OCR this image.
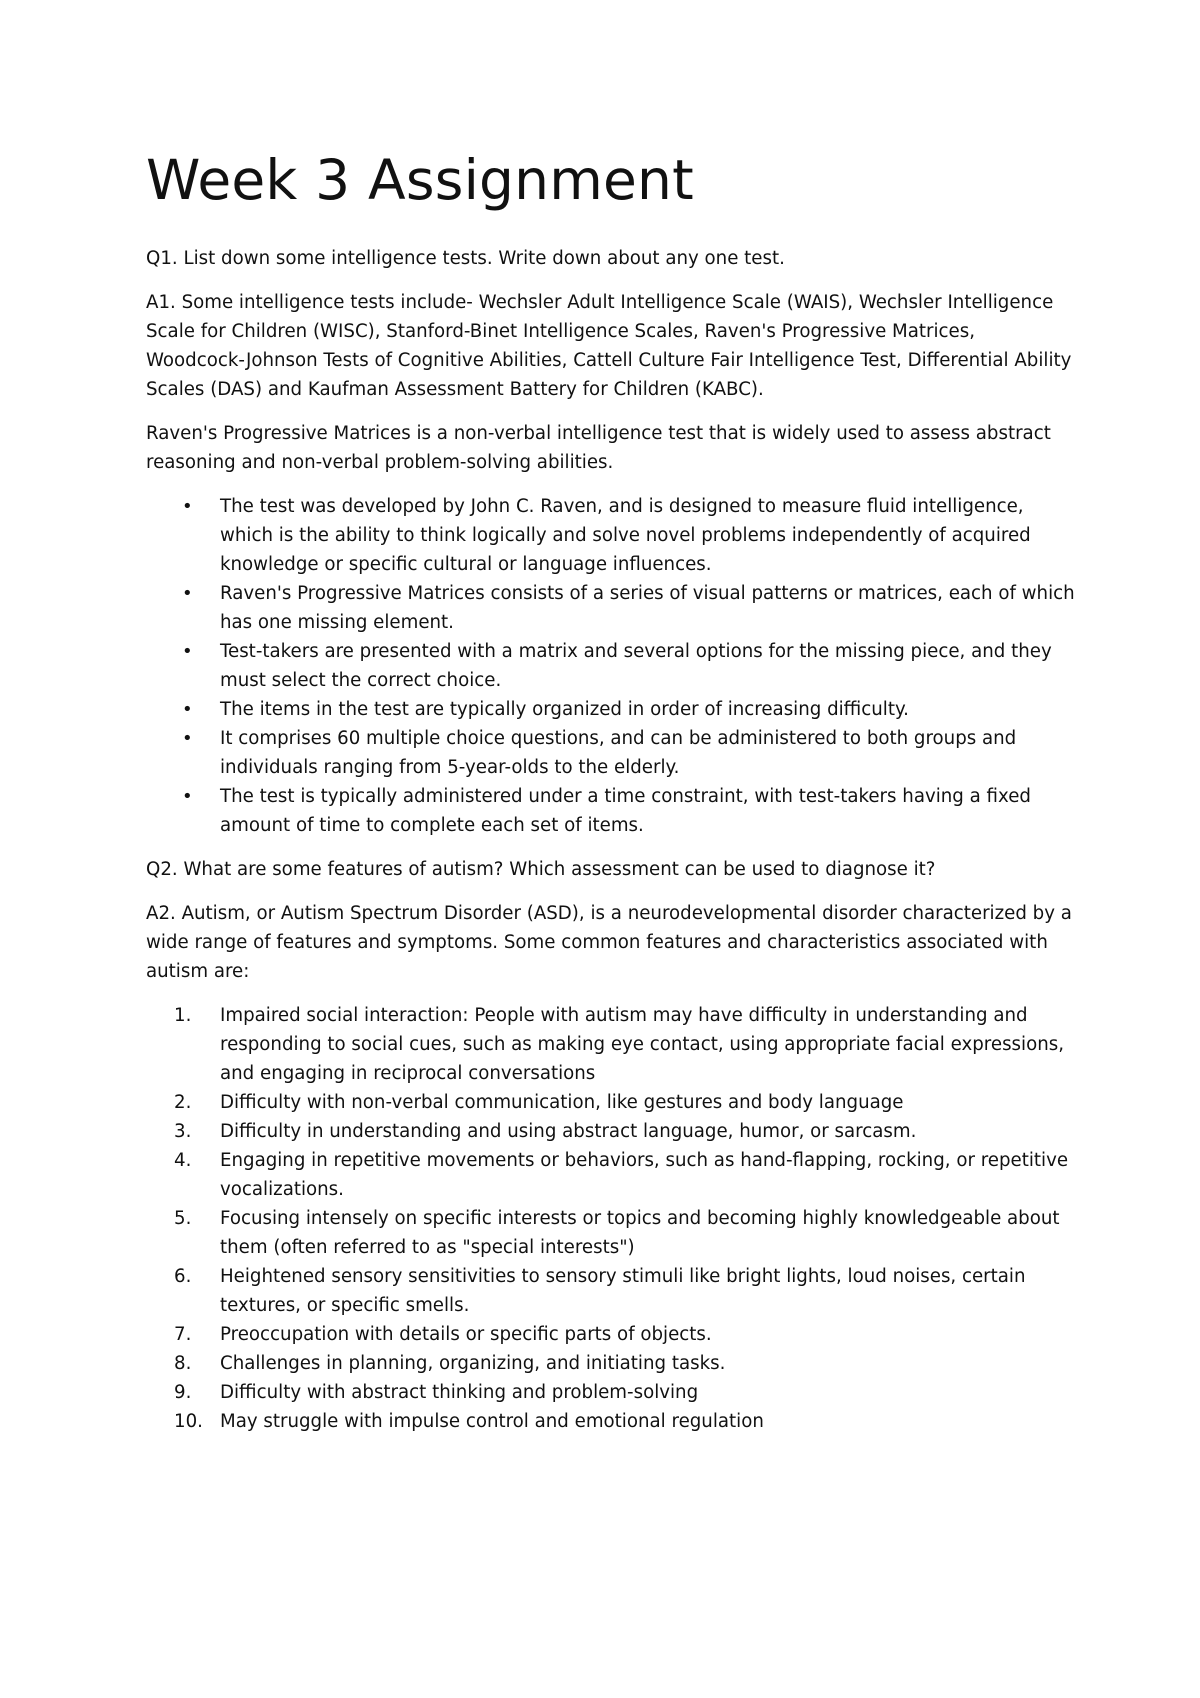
Week 3 Assignment

Q1. List down some intelligence tests. Write down about any one test.

A1. Some intelligence tests include- Wechsler Adult Intelligence Scale (WAIS), Wechsler Intelligence Scale for Children (WISC), Stanford-Binet Intelligence Scales, Raven's Progressive Matrices, Woodcock-Johnson Tests of Cognitive Abilities, Cattell Culture Fair Intelligence Test, Differential Ability Scales (DAS) and Kaufman Assessment Battery for Children (KABC).

Raven's Progressive Matrices is a non-verbal intelligence test that is widely used to assess abstract reasoning and non-verbal problem-solving abilities.

• The test was developed by John C. Raven, and is designed to measure fluid intelligence, which is the ability to think logically and solve novel problems independently of acquired knowledge or specific cultural or language influences.
• Raven's Progressive Matrices consists of a series of visual patterns or matrices, each of which has one missing element.
• Test-takers are presented with a matrix and several options for the missing piece, and they must select the correct choice.
• The items in the test are typically organized in order of increasing difficulty.
• It comprises 60 multiple choice questions, and can be administered to both groups and individuals ranging from 5-year-olds to the elderly.
• The test is typically administered under a time constraint, with test-takers having a fixed amount of time to complete each set of items.

Q2. What are some features of autism? Which assessment can be used to diagnose it?

A2. Autism, or Autism Spectrum Disorder (ASD), is a neurodevelopmental disorder characterized by a wide range of features and symptoms. Some common features and characteristics associated with autism are:

1. Impaired social interaction: People with autism may have difficulty in understanding and responding to social cues, such as making eye contact, using appropriate facial expressions, and engaging in reciprocal conversations
2. Difficulty with non-verbal communication, like gestures and body language
3. Difficulty in understanding and using abstract language, humor, or sarcasm.
4. Engaging in repetitive movements or behaviors, such as hand-flapping, rocking, or repetitive vocalizations.
5. Focusing intensely on specific interests or topics and becoming highly knowledgeable about them (often referred to as "special interests")
6. Heightened sensory sensitivities to sensory stimuli like bright lights, loud noises, certain textures, or specific smells.
7. Preoccupation with details or specific parts of objects.
8. Challenges in planning, organizing, and initiating tasks.
9. Difficulty with abstract thinking and problem-solving
10. May struggle with impulse control and emotional regulation
